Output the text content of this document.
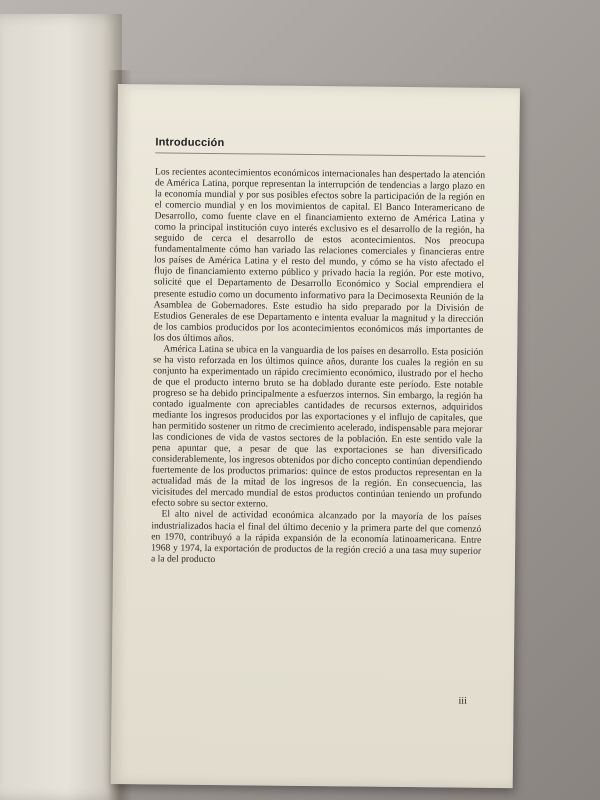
Introducción

Los recientes acontecimientos económicos internacionales han despertado la atención de América Latina, porque representan la interrupción de tendencias a largo plazo en la economía mundial y por sus posibles efectos sobre la participación de la región en el comercio mundial y en los movimientos de capital. El Banco Interamericano de Desarrollo, como fuente clave en el financiamiento externo de América Latina y como la principal institución cuyo interés exclusivo es el desarrollo de la región, ha seguido de cerca el desarrollo de estos acontecimientos. Nos preocupa fundamentalmente cómo han variado las relaciones comerciales y financieras entre los países de América Latina y el resto del mundo, y cómo se ha visto afectado el flujo de financiamiento externo público y privado hacia la región. Por este motivo, solicité que el Departamento de Desarrollo Económico y Social emprendiera el presente estudio como un documento informativo para la Decimosexta Reunión de la Asamblea de Gobernadores. Este estudio ha sido preparado por la División de Estudios Generales de ese Departamento e intenta evaluar la magnitud y la dirección de los cambios producidos por los acontecimientos económicos más importantes de los dos últimos años.

América Latina se ubica en la vanguardia de los países en desarrollo. Esta posición se ha visto reforzada en los últimos quince años, durante los cuales la región en su conjunto ha experimentado un rápido crecimiento económico, ilustrado por el hecho de que el producto interno bruto se ha doblado durante este período. Este notable progreso se ha debido principalmente a esfuerzos internos. Sin embargo, la región ha contado igualmente con apreciables cantidades de recursos externos, adquiridos mediante los ingresos producidos por las exportaciones y el influjo de capitales, que han permitido sostener un ritmo de crecimiento acelerado, indispensable para mejorar las condiciones de vida de vastos sectores de la población. En este sentido vale la pena apuntar que, a pesar de que las exportaciones se han diversificado considerablemente, los ingresos obtenidos por dicho concepto continúan dependiendo fuertemente de los productos primarios: quince de estos productos representan en la actualidad más de la mitad de los ingresos de la región. En consecuencia, las vicisitudes del mercado mundial de estos productos continúan teniendo un profundo efecto sobre su sector externo.

El alto nivel de actividad económica alcanzado por la mayoría de los países industrializados hacia el final del último decenio y la primera parte del que comenzó en 1970, contribuyó a la rápida expansión de la economía latinoamericana. Entre 1968 y 1974, la exportación de productos de la región creció a una tasa muy superior a la del producto

iii
